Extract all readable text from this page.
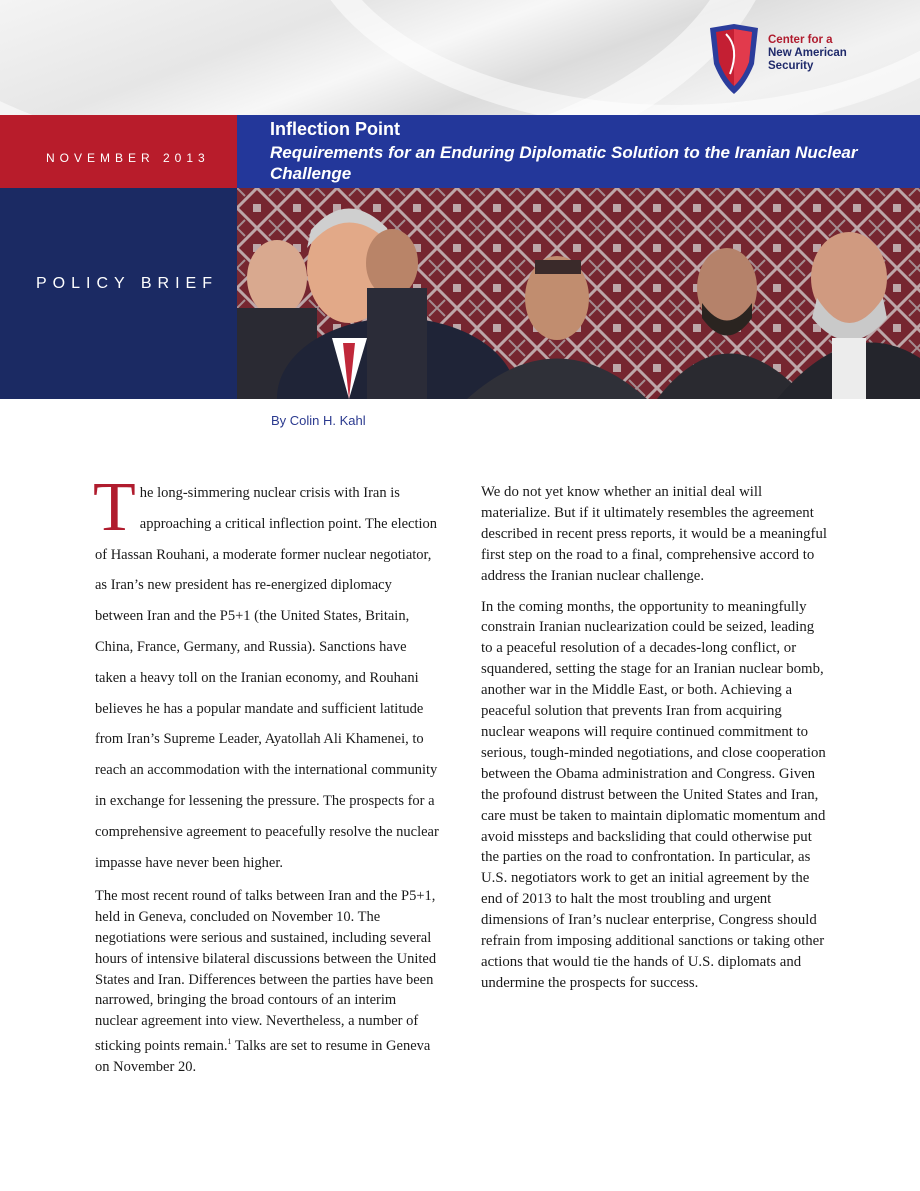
Center for a
New American
Security
NOVEMBER 2013
Inflection Point
Requirements for an Enduring Diplomatic Solution to the Iranian Nuclear Challenge
POLICY BRIEF
By Colin H. Kahl

The long-simmering nuclear crisis with Iran is approaching a critical inflection point. The election of Hassan Rouhani, a moderate former nuclear negotiator, as Iran’s new president has re-energized diplomacy between Iran and the P5+1 (the United States, Britain, China, France, Germany, and Russia). Sanctions have taken a heavy toll on the Iranian economy, and Rouhani believes he has a popular mandate and sufficient latitude from Iran’s Supreme Leader, Ayatollah Ali Khamenei, to reach an accommodation with the international community in exchange for lessening the pressure. The prospects for a comprehensive agreement to peacefully resolve the nuclear impasse have never been higher.

The most recent round of talks between Iran and the P5+1, held in Geneva, concluded on November 10. The negotiations were serious and sustained, including several hours of intensive bilateral discussions between the United States and Iran. Differences between the parties have been narrowed, bringing the broad contours of an interim nuclear agreement into view. Nevertheless, a number of sticking points remain.$^1$ Talks are set to resume in Geneva on November 20.

We do not yet know whether an initial deal will materialize. But if it ultimately resembles the agreement described in recent press reports, it would be a meaningful first step on the road to a final, comprehensive accord to address the Iranian nuclear challenge.

In the coming months, the opportunity to meaningfully constrain Iranian nuclearization could be seized, leading to a peaceful resolution of a decades-long conflict, or squandered, setting the stage for an Iranian nuclear bomb, another war in the Middle East, or both. Achieving a peaceful solution that prevents Iran from acquiring nuclear weapons will require continued commitment to serious, tough-minded negotiations, and close cooperation between the Obama administration and Congress. Given the profound distrust between the United States and Iran, care must be taken to maintain diplomatic momentum and avoid missteps and backsliding that could otherwise put the parties on the road to confrontation. In particular, as U.S. negotiators work to get an initial agreement by the end of 2013 to halt the most troubling and urgent dimensions of Iran’s nuclear enterprise, Congress should refrain from imposing additional sanctions or taking other actions that would tie the hands of U.S. diplomats and undermine the prospects for success.
